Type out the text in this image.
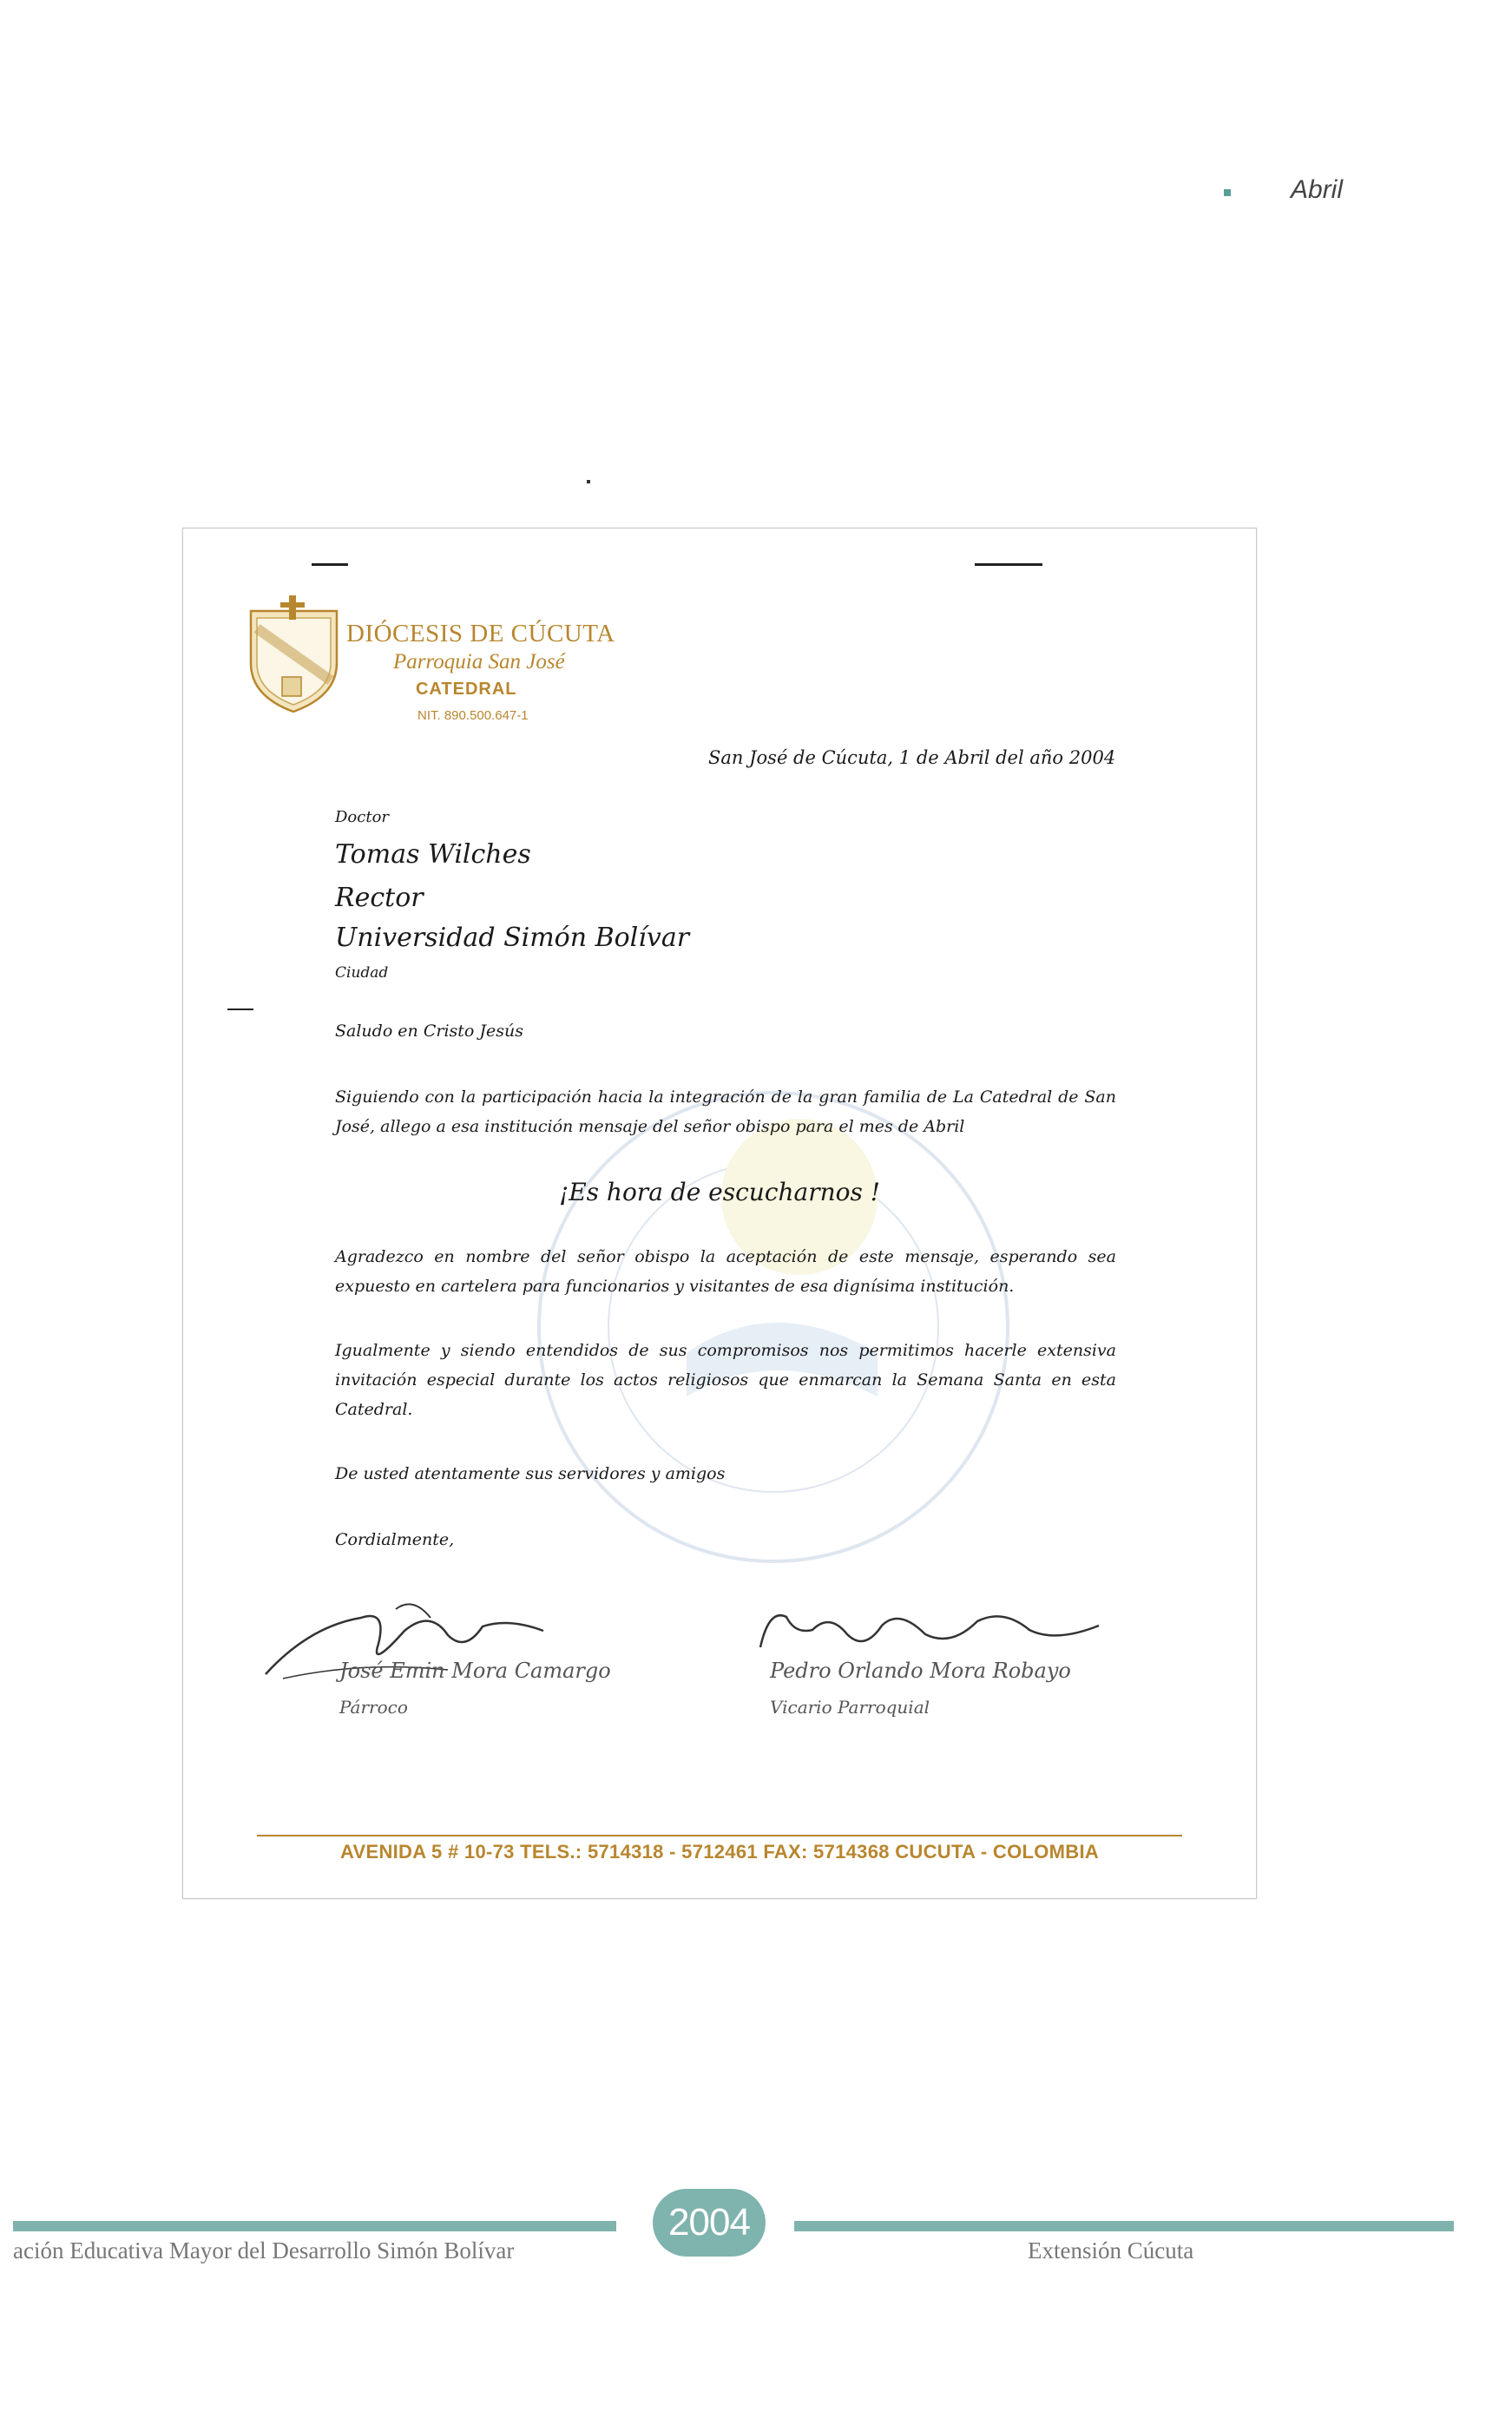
Abril
DIÓCESIS DE CÚCUTA
Parroquia San José
CATEDRAL
NIT. 890.500.647-1
San José de Cúcuta, 1 de Abril del año 2004
Doctor
Tomas Wilches
Rector
Universidad Simón Bolívar
Ciudad
Saludo en Cristo Jesús
Siguiendo con la participación hacia la integración de la gran familia de La Catedral de San José, allego a esa institución mensaje del señor obispo para el mes de Abril
¡Es hora de escucharnos !
Agradezco en nombre del señor obispo la aceptación de este mensaje, esperando sea expuesto en cartelera para funcionarios y visitantes de esa dignísima institución.
Igualmente y siendo entendidos de sus compromisos nos permitimos hacerle extensiva invitación especial durante los actos religiosos que enmarcan la Semana Santa en esta Catedral.
De usted atentamente sus servidores y amigos
Cordialmente,
José Emin Mora Camargo
Párroco
Pedro Orlando Mora Robayo
Vicario Parroquial
AVENIDA 5 # 10-73 TELS.: 5714318 - 5712461 FAX: 5714368 CUCUTA - COLOMBIA
2004
ación Educativa Mayor del Desarrollo Simón Bolívar	Extensión Cúcuta
